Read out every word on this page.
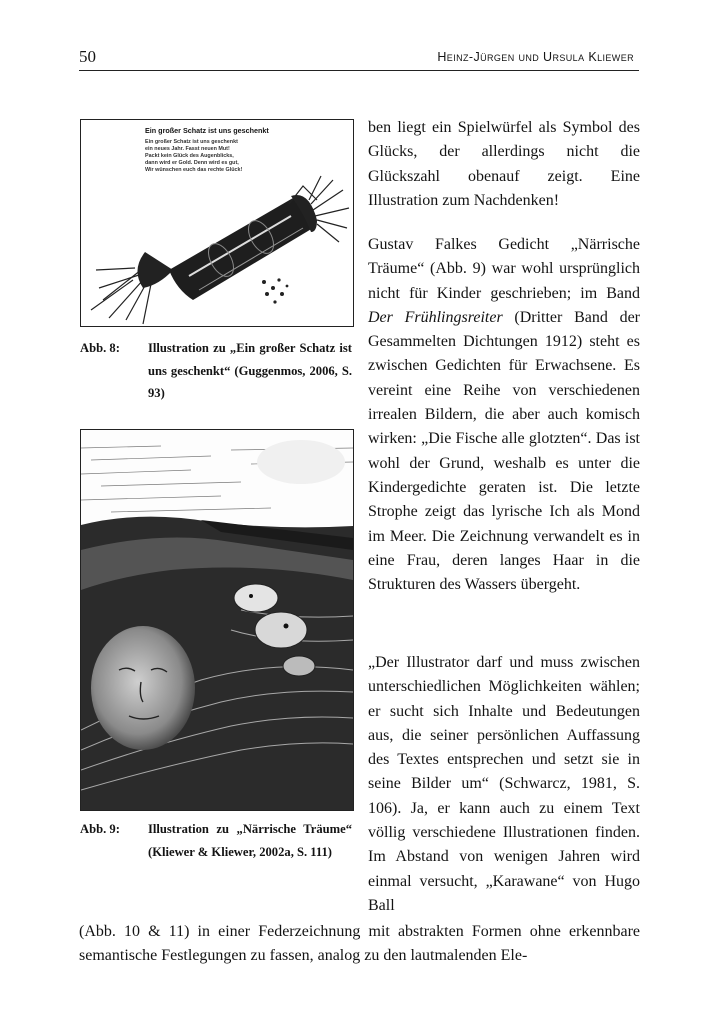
50	Heinz-Jürgen und Ursula Kliewer
Ein großer Schatz ist uns geschenkt
Ein großer Schatz ist uns geschenkt
ein neues Jahr. Fasst neuen Mut!
Packt kein Glück des Augenblicks,
dann wird er Gold. Denn wird es gut,
Wir wünschen euch das rechte Glück!
Abb. 8: Illustration zu „Ein großer Schatz ist uns geschenkt“ (Guggenmos, 2006, S. 93)
Abb. 9: Illustration zu „Närrische Träume“ (Kliewer & Kliewer, 2002a, S. 111)

ben liegt ein Spielwürfel als Symbol des Glücks, der allerdings nicht die Glückszahl obenauf zeigt. Eine Illustration zum Nachdenken!

Gustav Falkes Gedicht „Närrische Träume“ (Abb. 9) war wohl ursprünglich nicht für Kinder geschrieben; im Band Der Frühlingsreiter (Dritter Band der Gesammelten Dichtungen 1912) steht es zwischen Gedichten für Erwachsene. Es vereint eine Reihe von verschiedenen irrealen Bildern, die aber auch komisch wirken: „Die Fische alle glotzten“. Das ist wohl der Grund, weshalb es unter die Kindergedichte geraten ist. Die letzte Strophe zeigt das lyrische Ich als Mond im Meer. Die Zeichnung verwandelt es in eine Frau, deren langes Haar in die Strukturen des Wassers übergeht.

„Der Illustrator darf und muss zwischen unterschiedlichen Möglichkeiten wählen; er sucht sich Inhalte und Bedeutungen aus, die seiner persönlichen Auffassung des Textes entsprechen und setzt sie in seine Bilder um“ (Schwarcz, 1981, S. 106). Ja, er kann auch zu einem Text völlig verschiedene Illustrationen finden. Im Abstand von wenigen Jahren wird einmal versucht, „Karawane“ von Hugo Ball

(Abb. 10 & 11) in einer Federzeichnung mit abstrakten Formen ohne erkennbare semantische Festlegungen zu fassen, analog zu den lautmalenden Ele-
